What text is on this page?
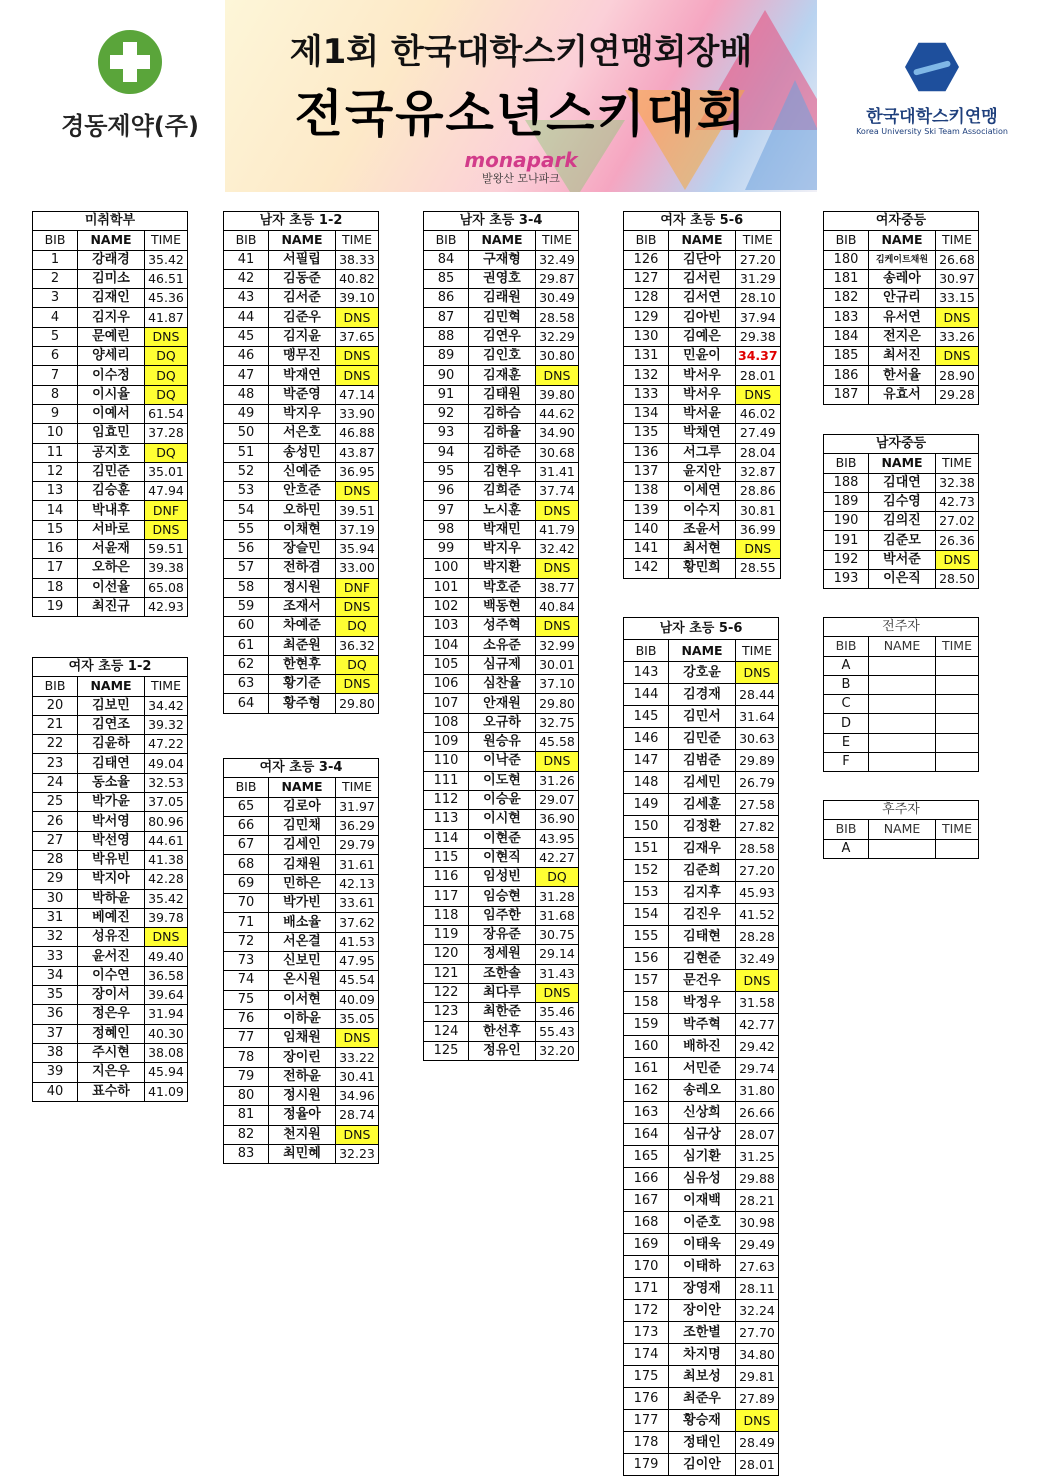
경동제약(주)
제1회 한국대학스키연맹회장배
전국유소년스키대회
monapark
발왕산 모나파크
한국대학스키연맹
Korea University Ski Team Association
미취학부		
BIB	NAME	TIME
1	강래경	35.42
2	김미소	46.51
3	김재인	45.36
4	김지우	41.87
5	문예린	DNS
6	양세리	DQ
7	이수정	DQ
8	이시율	DQ
9	이예서	61.54
10	임효민	37.28
11	공지호	DQ
12	김민준	35.01
13	김승훈	47.94
14	박내후	DNF
15	서바로	DNS
16	서윤재	59.51
17	오하은	39.38
18	이선율	65.08
19	최진규	42.93
여자 초등 1-2		
BIB	NAME	TIME
20	김보민	34.42
21	김연조	39.32
22	김윤하	47.22
23	김태연	49.04
24	동소율	32.53
25	박가윤	37.05
26	박서영	80.96
27	박선영	44.61
28	박유빈	41.38
29	박지아	42.28
30	박하윤	35.42
31	베예진	39.78
32	성유진	DNS
33	윤서진	49.40
34	이수연	36.58
35	장이서	39.64
36	정은우	31.94
37	정혜인	40.30
38	주시현	38.08
39	지은우	45.94
40	표수하	41.09
남자 초등 1-2		
BIB	NAME	TIME
41	서필립	38.33
42	김동준	40.82
43	김서준	39.10
44	김준우	DNS
45	김지윤	37.65
46	맹무진	DNS
47	박재연	DNS
48	박준영	47.14
49	박지우	33.90
50	서은호	46.88
51	송성민	43.87
52	신예준	36.95
53	안흐준	DNS
54	오하민	39.51
55	이채현	37.19
56	장슬민	35.94
57	전하겸	33.00
58	정시원	DNF
59	조재서	DNS
60	차예준	DQ
61	최준원	36.32
62	한현후	DQ
63	황기준	DNS
64	황주형	29.80
여자 초등 3-4		
BIB	NAME	TIME
65	김로아	31.97
66	김민채	36.29
67	김세인	29.79
68	김채원	31.61
69	민하은	42.13
70	박가빈	33.61
71	배소율	37.62
72	서온결	41.53
73	신보민	47.95
74	온시원	45.54
75	이서현	40.09
76	이하윤	35.05
77	임채원	DNS
78	장이린	33.22
79	전하윤	30.41
80	정시원	34.96
81	정율아	28.74
82	천지원	DNS
83	최민혜	32.23
남자 초등 3-4		
BIB	NAME	TIME
84	구재형	32.49
85	권영호	29.87
86	김래원	30.49
87	김민혁	28.58
88	김연우	32.29
89	김인호	30.80
90	김재훈	DNS
91	김태원	39.80
92	김하슴	44.62
93	김하율	34.90
94	김하준	30.68
95	김현우	31.41
96	김희준	37.74
97	노시훈	DNS
98	박재민	41.79
99	박지우	32.42
100	박지환	DNS
101	박호준	38.77
102	백동현	40.84
103	성주혁	DNS
104	소유준	32.99
105	심규제	30.01
106	심찬율	37.10
107	안재원	29.80
108	오규하	32.75
109	원승유	45.58
110	이낙준	DNS
111	이도현	31.26
112	이승윤	29.07
113	이시현	36.90
114	이현준	43.95
115	이현직	42.27
116	임성빈	DQ
117	임승현	31.28
118	임주한	31.68
119	장유준	30.75
120	정세원	29.14
121	조한솔	31.43
122	최다루	DNS
123	최한준	35.46
124	한선후	55.43
125	정유인	32.20
여자 초등 5-6		
BIB	NAME	TIME
126	김단아	27.20
127	김서린	31.29
128	김서연	28.10
129	김아빈	37.94
130	김예은	29.38
131	민윤이	34.37
132	박서우	28.01
133	박서우	DNS
134	박서윤	46.02
135	박채연	27.49
136	서그루	28.04
137	윤지안	32.87
138	이세연	28.86
139	이수지	30.81
140	조윤서	36.99
141	최서현	DNS
142	황민희	28.55
남자 초등 5-6		
BIB	NAME	TIME
143	강호윤	DNS
144	김경재	28.44
145	김민서	31.64
146	김민준	30.63
147	김범준	29.89
148	김세민	26.79
149	김세훈	27.58
150	김정환	27.82
151	김재우	28.58
152	김준희	27.20
153	김지후	45.93
154	김진우	41.52
155	김태현	28.28
156	김현준	32.49
157	문건우	DNS
158	박정우	31.58
159	박주혁	42.77
160	배하진	29.42
161	서민준	29.74
162	송레오	31.80
163	신상희	26.66
164	심규상	28.07
165	심기환	31.25
166	심유성	29.88
167	이재백	28.21
168	이준호	30.98
169	이태욱	29.49
170	이태하	27.63
171	장영재	28.11
172	장이안	32.24
173	조한별	27.70
174	차지명	34.80
175	최보성	29.81
176	최준우	27.89
177	황승재	DNS
178	정태인	28.49
179	김이안	28.01
여자중등		
BIB	NAME	TIME
180	김케이트채원	26.68
181	송레아	30.97
182	안규리	33.15
183	유서연	DNS
184	전지은	33.26
185	최서진	DNS
186	한서율	28.90
187	유효서	29.28
남자중등		
BIB	NAME	TIME
188	김대연	32.38
189	김수영	42.73
190	김의진	27.02
191	김준모	26.36
192	박서준	DNS
193	이은직	28.50
전주자		
BIB	NAME	TIME
A		
B		
C		
D		
E		
F		
후주자		
BIB	NAME	TIME
A		
